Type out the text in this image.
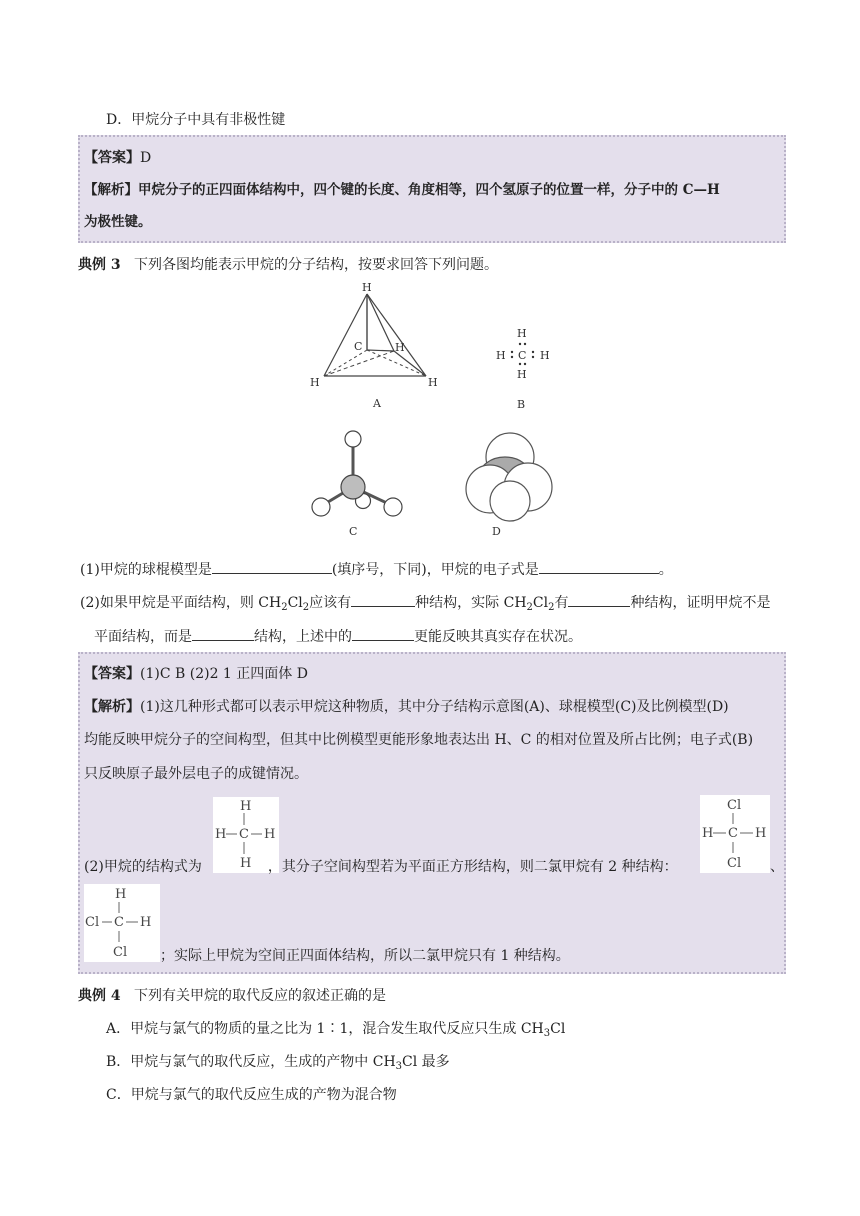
D．甲烷分子中具有非极性键
【答案】D
【解析】甲烷分子的正四面体结构中，四个键的长度、角度相等，四个氢原子的位置一样，分子中的 C—H
为极性键。
典例 3 下列各图均能表示甲烷的分子结构，按要求回答下列问题。
H
C	H
H	H
A
H
H C H
H
B
C	D
(1)甲烷的球棍模型是	(填序号，下同)，甲烷的电子式是	。
(2)如果甲烷是平面结构，则 $CH_2Cl_2$应该有	种结构，实际 $CH_2Cl_2$有	种结构，证明甲烷不是
平面结构，而是	结构，上述中的	更能反映其真实存在状况。
【答案】(1)C B (2)2 1 正四面体 D
【解析】(1)这几种形式都可以表示甲烷这种物质，其中分子结构示意图(A)、球棍模型(C)及比例模型(D)
均能反映甲烷分子的空间构型，但其中比例模型更能形象地表达出 H、C 的相对位置及所占比例；电子式(B)
只反映原子最外层电子的成键情况。
H
H C H
H
(2)甲烷的结构式为	，其分子空间构型若为平面正方形结构，则二氯甲烷有 2 种结构：
Cl
H C H
Cl 、
H
Cl C H
Cl ；实际上甲烷为空间正四面体结构，所以二氯甲烷只有 1 种结构。
典例 4 下列有关甲烷的取代反应的叙述正确的是
A．甲烷与氯气的物质的量之比为 1∶1，混合发生取代反应只生成 $CH_3Cl$
B．甲烷与氯气的取代反应，生成的产物中 $CH_3Cl$ 最多
C．甲烷与氯气的取代反应生成的产物为混合物
